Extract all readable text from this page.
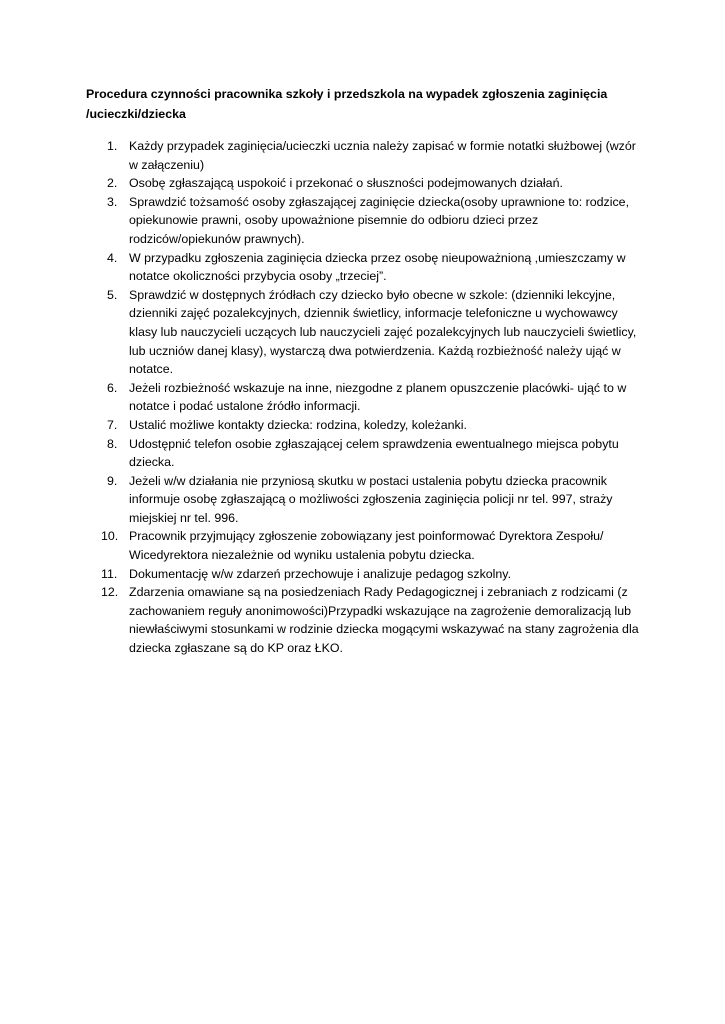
Procedura czynności pracownika szkoły i przedszkola na wypadek zgłoszenia zaginięcia
/ucieczki/dziecka
1. Każdy przypadek zaginięcia/ucieczki ucznia należy zapisać w formie notatki służbowej (wzór w załączeniu)
2. Osobę zgłaszającą uspokoić i przekonać o słuszności podejmowanych działań.
3. Sprawdzić tożsamość osoby zgłaszającej zaginięcie dziecka(osoby uprawnione to: rodzice, opiekunowie prawni, osoby upoważnione pisemnie do odbioru dzieci przez rodziców/opiekunów prawnych).
4. W przypadku zgłoszenia zaginięcia dziecka przez osobę nieupoważnioną ,umieszczamy w notatce okoliczności przybycia osoby „trzeciej”.
5. Sprawdzić w dostępnych źródłach czy dziecko było obecne w szkole: (dzienniki lekcyjne, dzienniki zajęć pozalekcyjnych, dziennik świetlicy, informacje telefoniczne u wychowawcy klasy lub nauczycieli uczących lub nauczycieli zajęć pozalekcyjnych lub nauczycieli świetlicy, lub uczniów danej klasy), wystarczą dwa potwierdzenia. Każdą rozbieżność należy ująć w notatce.
6. Jeżeli rozbieżność wskazuje na inne, niezgodne z planem opuszczenie placówki- ująć to w notatce i podać ustalone źródło informacji.
7. Ustalić możliwe kontakty dziecka: rodzina, koledzy, koleżanki.
8. Udostępnić telefon osobie zgłaszającej celem sprawdzenia ewentualnego miejsca pobytu dziecka.
9. Jeżeli w/w działania nie przyniosą skutku w postaci ustalenia pobytu dziecka pracownik informuje osobę zgłaszającą o możliwości zgłoszenia zaginięcia policji nr tel. 997, straży miejskiej nr tel. 996.
10. Pracownik przyjmujący zgłoszenie zobowiązany jest poinformować Dyrektora Zespołu/ Wicedyrektora niezależnie od wyniku ustalenia pobytu dziecka.
11. Dokumentację w/w zdarzeń przechowuje i analizuje pedagog szkolny.
12. Zdarzenia omawiane są na posiedzeniach Rady Pedagogicznej i zebraniach z rodzicami (z zachowaniem reguły anonimowości)Przypadki wskazujące na zagrożenie demoralizacją lub niewłaściwymi stosunkami w rodzinie dziecka mogącymi wskazywać na stany zagrożenia dla dziecka zgłaszane są do KP oraz ŁKO.
